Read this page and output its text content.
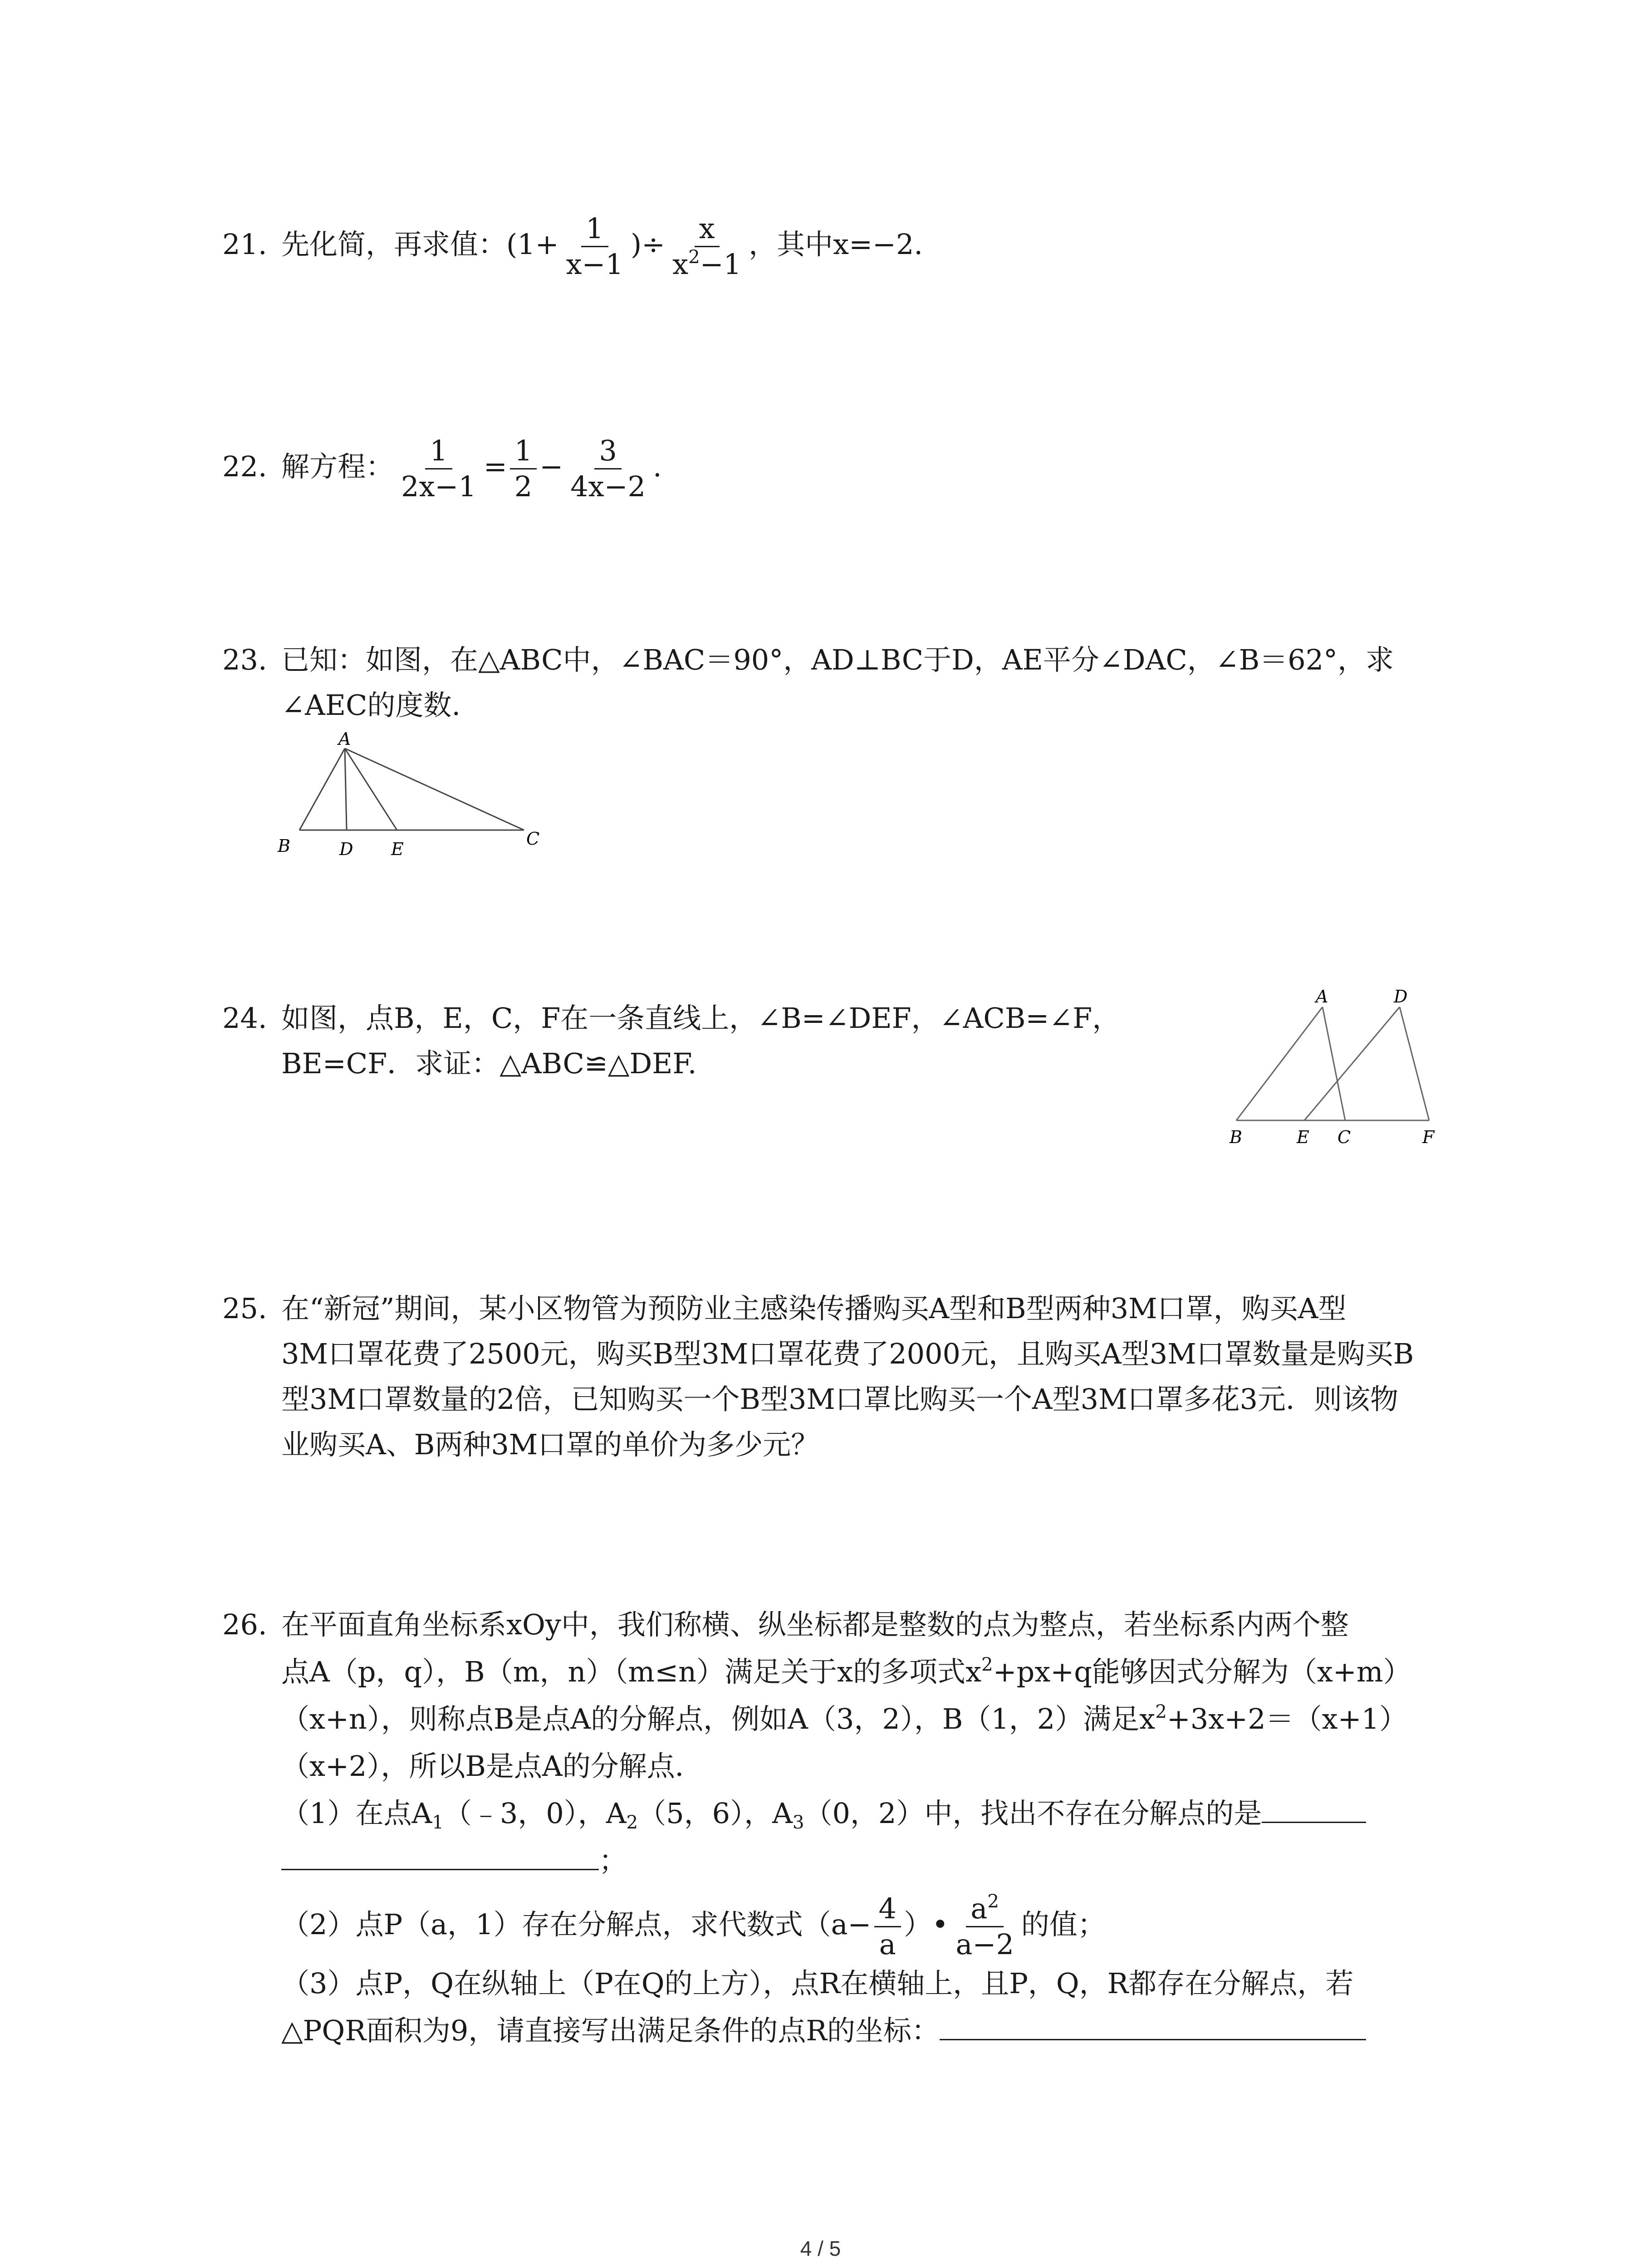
21. 先化简，再求值：($1+ \frac{1}{x-1}$ )÷ $\frac{x}{x^2-1}$ ，其中x=−2.
22. 解方程： $\frac{1}{2x-1} = \frac{1}{2} - \frac{3}{4x-2}$ .
23. 已知：如图，在△ABC中，∠BAC＝90°，AD⊥BC于D，AE平分∠DAC，∠B＝62°，求
∠AEC的度数.
A
B	D E
C
24. 如图，点B，E，C，F在一条直线上，∠B=∠DEF，∠ACB=∠F，
BE=CF．求证：△ABC≌△DEF.
A	D
B	E C	F
25. 在“新冠”期间，某小区物管为预防业主感染传播购买A型和B型两种3M口罩，购买A型
3M口罩花费了2500元，购买B型3M口罩花费了2000元，且购买A型3M口罩数量是购买B
型3M口罩数量的2倍，已知购买一个B型3M口罩比购买一个A型3M口罩多花3元．则该物
业购买A、B两种3M口罩的单价为多少元？
26. 在平面直角坐标系xOy中，我们称横、纵坐标都是整数的点为整点，若坐标系内两个整
点A（p，q），B（m，n）（m≤n）满足关于x的多项式$x^2+px+q$能够因式分解为（x+m）
（x+n），则称点B是点A的分解点，例如A（3，2），B（1，2）满足$x^2+3x+2=(x+1)$
（x+2），所以B是点A的分解点．
（1）在点$A_1(﹣3$，0），$A_2(5$，6），$A_3(0$，2）中，找出不存在分解点的是
；
（2）点P（a，1）存在分解点，求代数式（$a- \frac{4}{a}$ ）• $\frac{a^2}{a-2}$ 的值；
（3）点P，Q在纵轴上（P在Q的上方），点R在横轴上，且P，Q，R都存在分解点，若
△PQR面积为9，请直接写出满足条件的点R的坐标：
4 / 5
